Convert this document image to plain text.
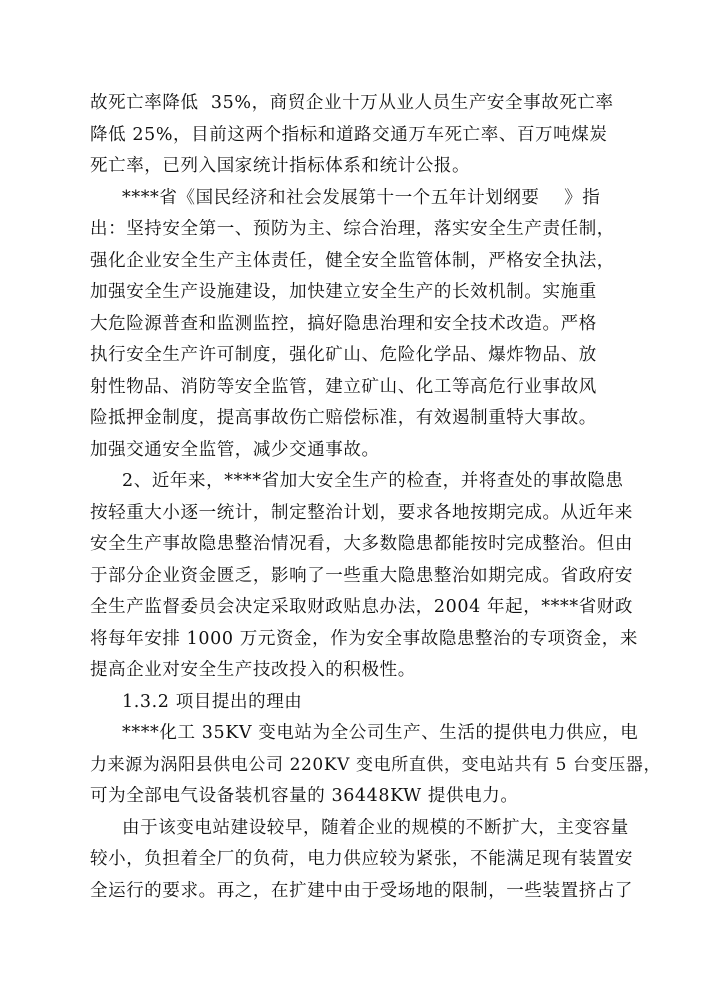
故死亡率降低  35%，商贸企业十万从业人员生产安全事故死亡率
降低 25%，目前这两个指标和道路交通万车死亡率、百万吨煤炭
死亡率，已列入国家统计指标体系和统计公报。
****省《国民经济和社会发展第十一个五年计划纲要    》指
出：坚持安全第一、预防为主、综合治理，落实安全生产责任制，
强化企业安全生产主体责任，健全安全监管体制，严格安全执法，
加强安全生产设施建设，加快建立安全生产的长效机制。实施重
大危险源普查和监测监控，搞好隐患治理和安全技术改造。严格
执行安全生产许可制度，强化矿山、危险化学品、爆炸物品、放
射性物品、消防等安全监管，建立矿山、化工等高危行业事故风
险抵押金制度，提高事故伤亡赔偿标准，有效遏制重特大事故。
加强交通安全监管，减少交通事故。
2、近年来，****省加大安全生产的检查，并将查处的事故隐患
按轻重大小逐一统计，制定整治计划，要求各地按期完成。从近年来
安全生产事故隐患整治情况看，大多数隐患都能按时完成整治。但由
于部分企业资金匮乏，影响了一些重大隐患整治如期完成。省政府安
全生产监督委员会决定采取财政贴息办法，2004 年起，****省财政
将每年安排 1000 万元资金，作为安全事故隐患整治的专项资金，来
提高企业对安全生产技改投入的积极性。
1.3.2 项目提出的理由
****化工 35KV 变电站为全公司生产、生活的提供电力供应，电
力来源为涡阳县供电公司 220KV 变电所直供，变电站共有 5 台变压器，
可为全部电气设备装机容量的 36448KW 提供电力。
由于该变电站建设较早，随着企业的规模的不断扩大，主变容量
较小，负担着全厂的负荷，电力供应较为紧张，不能满足现有装置安
全运行的要求。再之，在扩建中由于受场地的限制，一些装置挤占了
